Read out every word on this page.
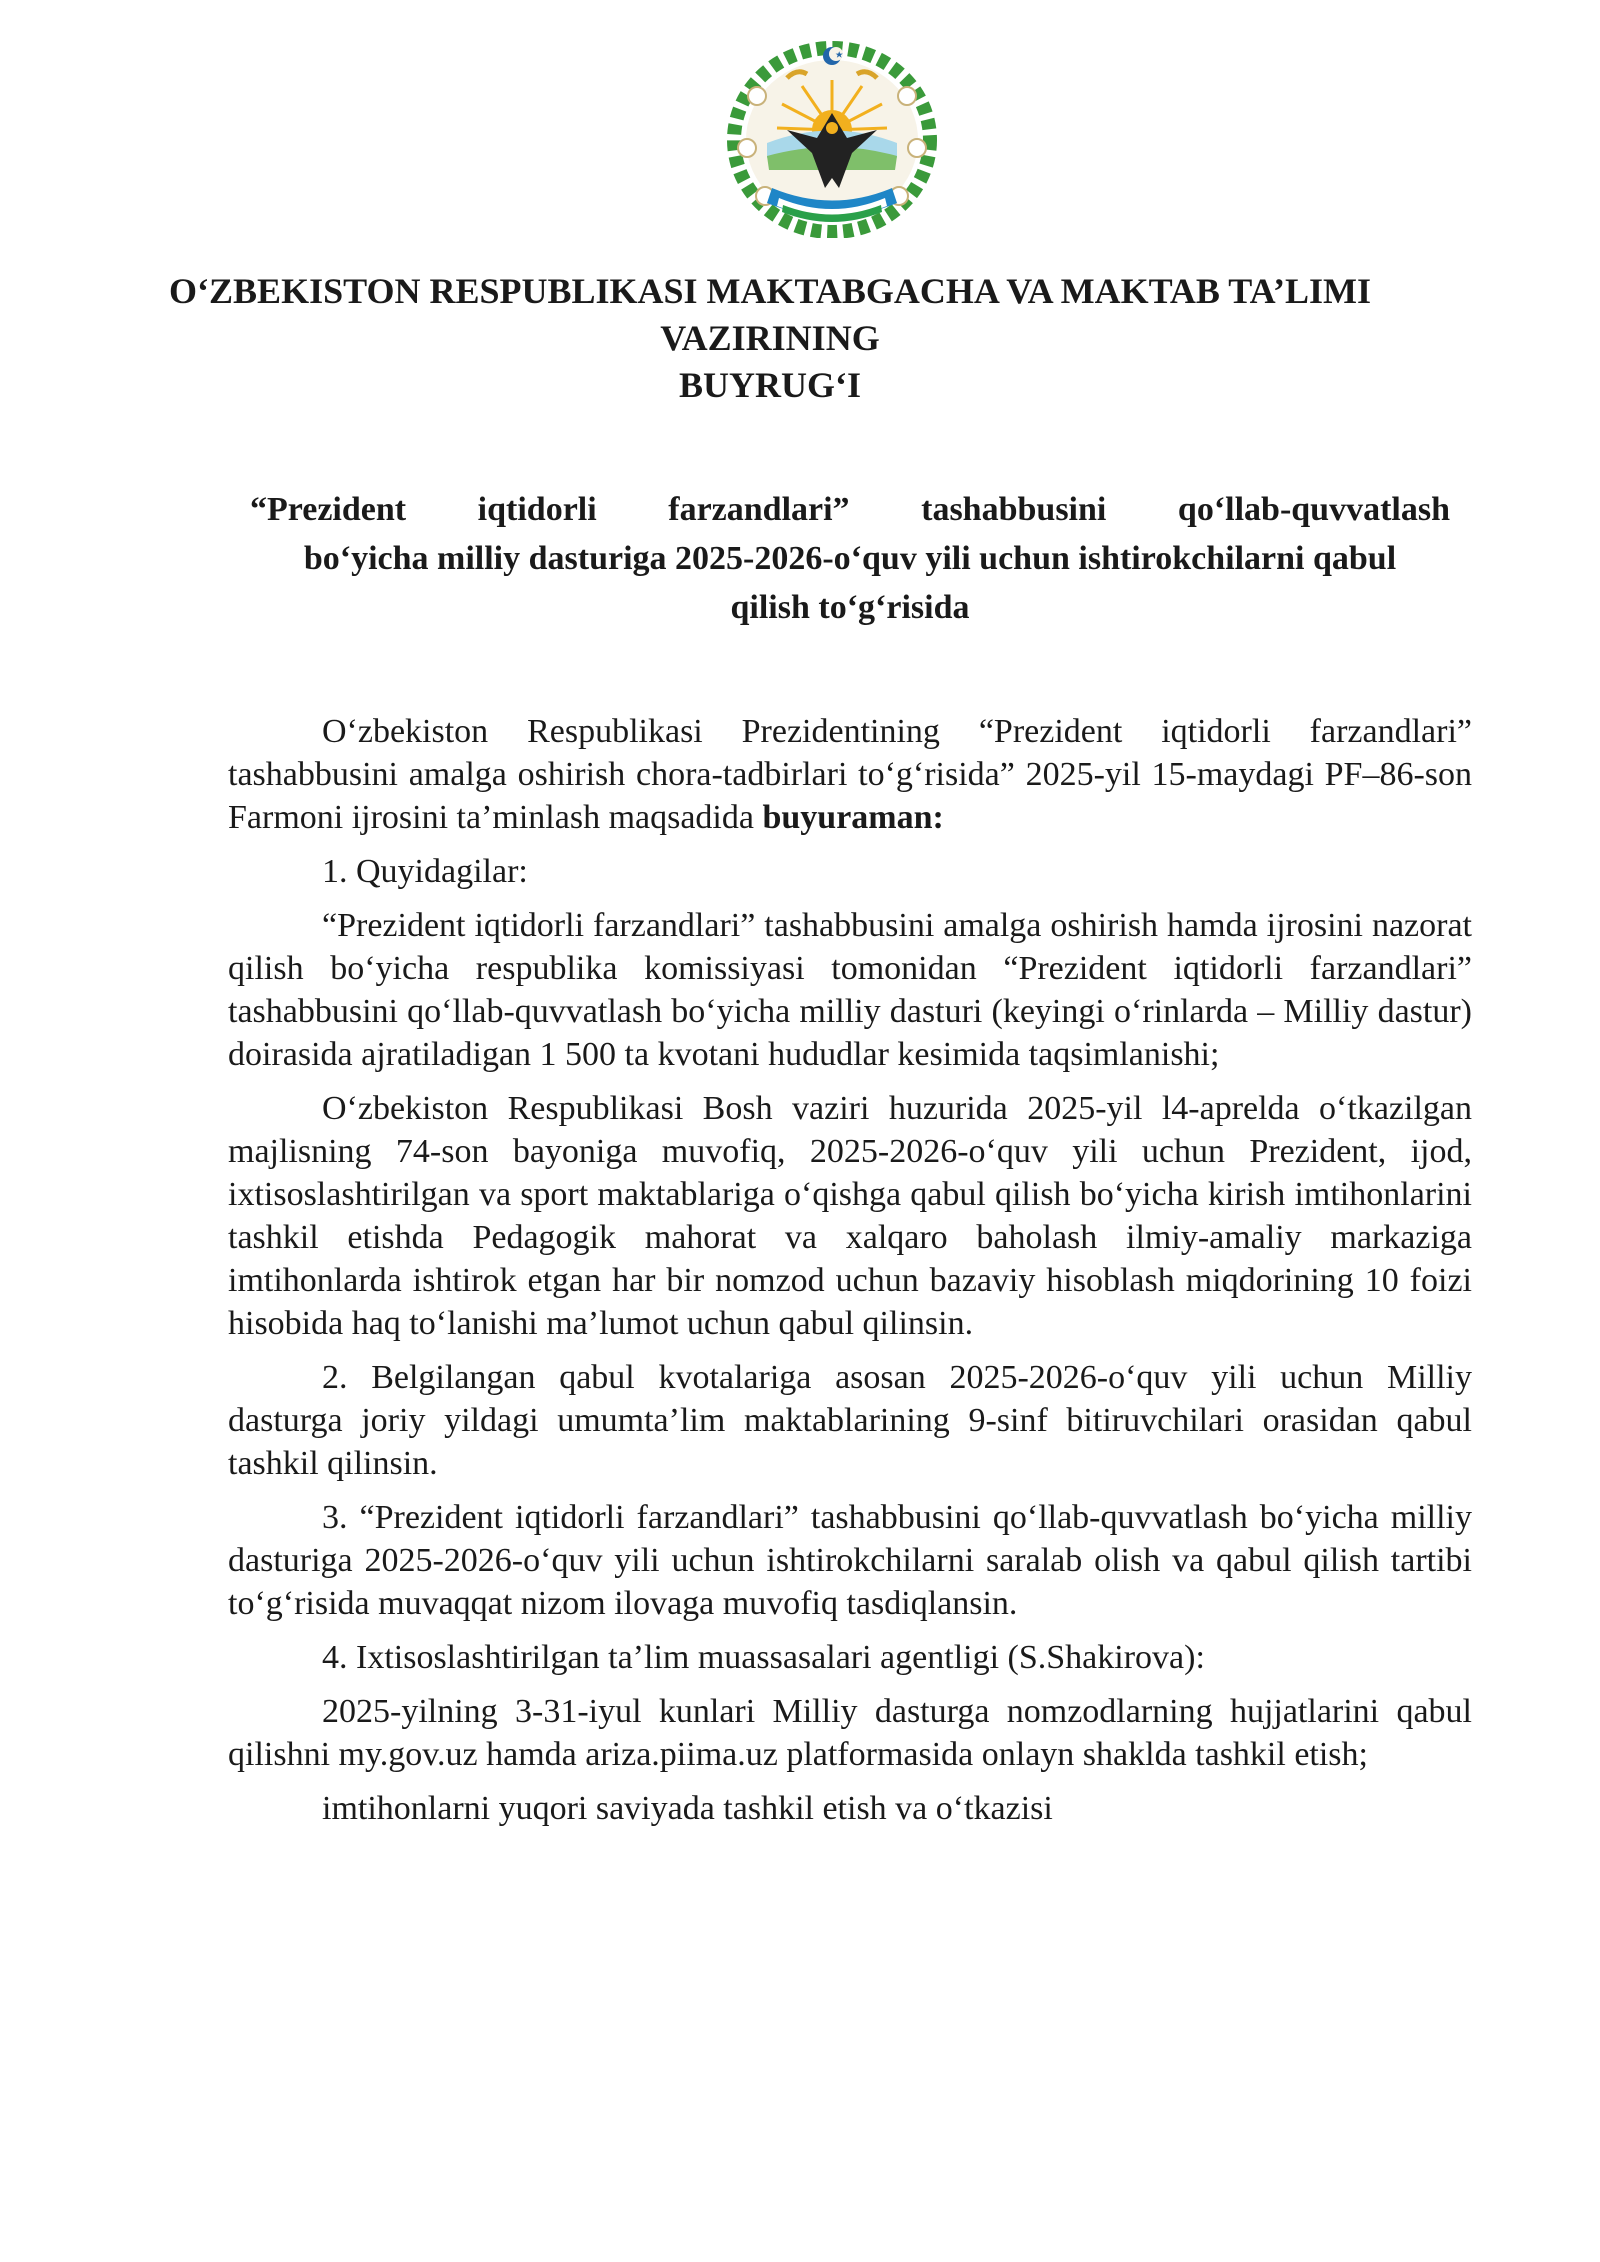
O‘ZBEKISTON RESPUBLIKASI MAKTABGACHA VA MAKTAB TA’LIMI
VAZIRINING
BUYRUG‘I
“Prezident iqtidorli farzandlari” tashabbusini qo‘llab-quvvatlash
bo‘yicha milliy dasturiga 2025-2026-o‘quv yili uchun ishtirokchilarni qabul
qilish to‘g‘risida

O‘zbekiston Respublikasi Prezidentining “Prezident iqtidorli farzandlari” tashabbusini amalga oshirish chora-tadbirlari to‘g‘risida” 2025-yil 15-maydagi PF–86-son Farmoni ijrosini ta’minlash maqsadida buyuraman:

1. Quyidagilar:

“Prezident iqtidorli farzandlari” tashabbusini amalga oshirish hamda ijrosini nazorat qilish bo‘yicha respublika komissiyasi tomonidan “Prezident iqtidorli farzandlari” tashabbusini qo‘llab-quvvatlash bo‘yicha milliy dasturi (keyingi o‘rinlarda – Milliy dastur) doirasida ajratiladigan 1 500 ta kvotani hududlar kesimida taqsimlanishi;

O‘zbekiston Respublikasi Bosh vaziri huzurida 2025-yil l4-aprelda o‘tkazilgan majlisning 74-son bayoniga muvofiq, 2025-2026-o‘quv yili uchun Prezident, ijod, ixtisoslashtirilgan va sport maktablariga o‘qishga qabul qilish bo‘yicha kirish imtihonlarini tashkil etishda Pedagogik mahorat va xalqaro baholash ilmiy-amaliy markaziga imtihonlarda ishtirok etgan har bir nomzod uchun bazaviy hisoblash miqdorining 10 foizi hisobida haq to‘lanishi ma’lumot uchun qabul qilinsin.

2. Belgilangan qabul kvotalariga asosan 2025-2026-o‘quv yili uchun Milliy dasturga joriy yildagi umumta’lim maktablarining 9-sinf bitiruvchilari orasidan qabul tashkil qilinsin.

3. “Prezident iqtidorli farzandlari” tashabbusini qo‘llab-quvvatlash bo‘yicha milliy dasturiga 2025-2026-o‘quv yili uchun ishtirokchilarni saralab olish va qabul qilish tartibi to‘g‘risida muvaqqat nizom ilovaga muvofiq tasdiqlansin.

4. Ixtisoslashtirilgan ta’lim muassasalari agentligi (S.Shakirova):

2025-yilning 3-31-iyul kunlari Milliy dasturga nomzodlarning hujjatlarini qabul qilishni my.gov.uz hamda ariza.piima.uz platformasida onlayn shaklda tashkil etish;

imtihonlarni yuqori saviyada tashkil etish va o‘tkazisi
